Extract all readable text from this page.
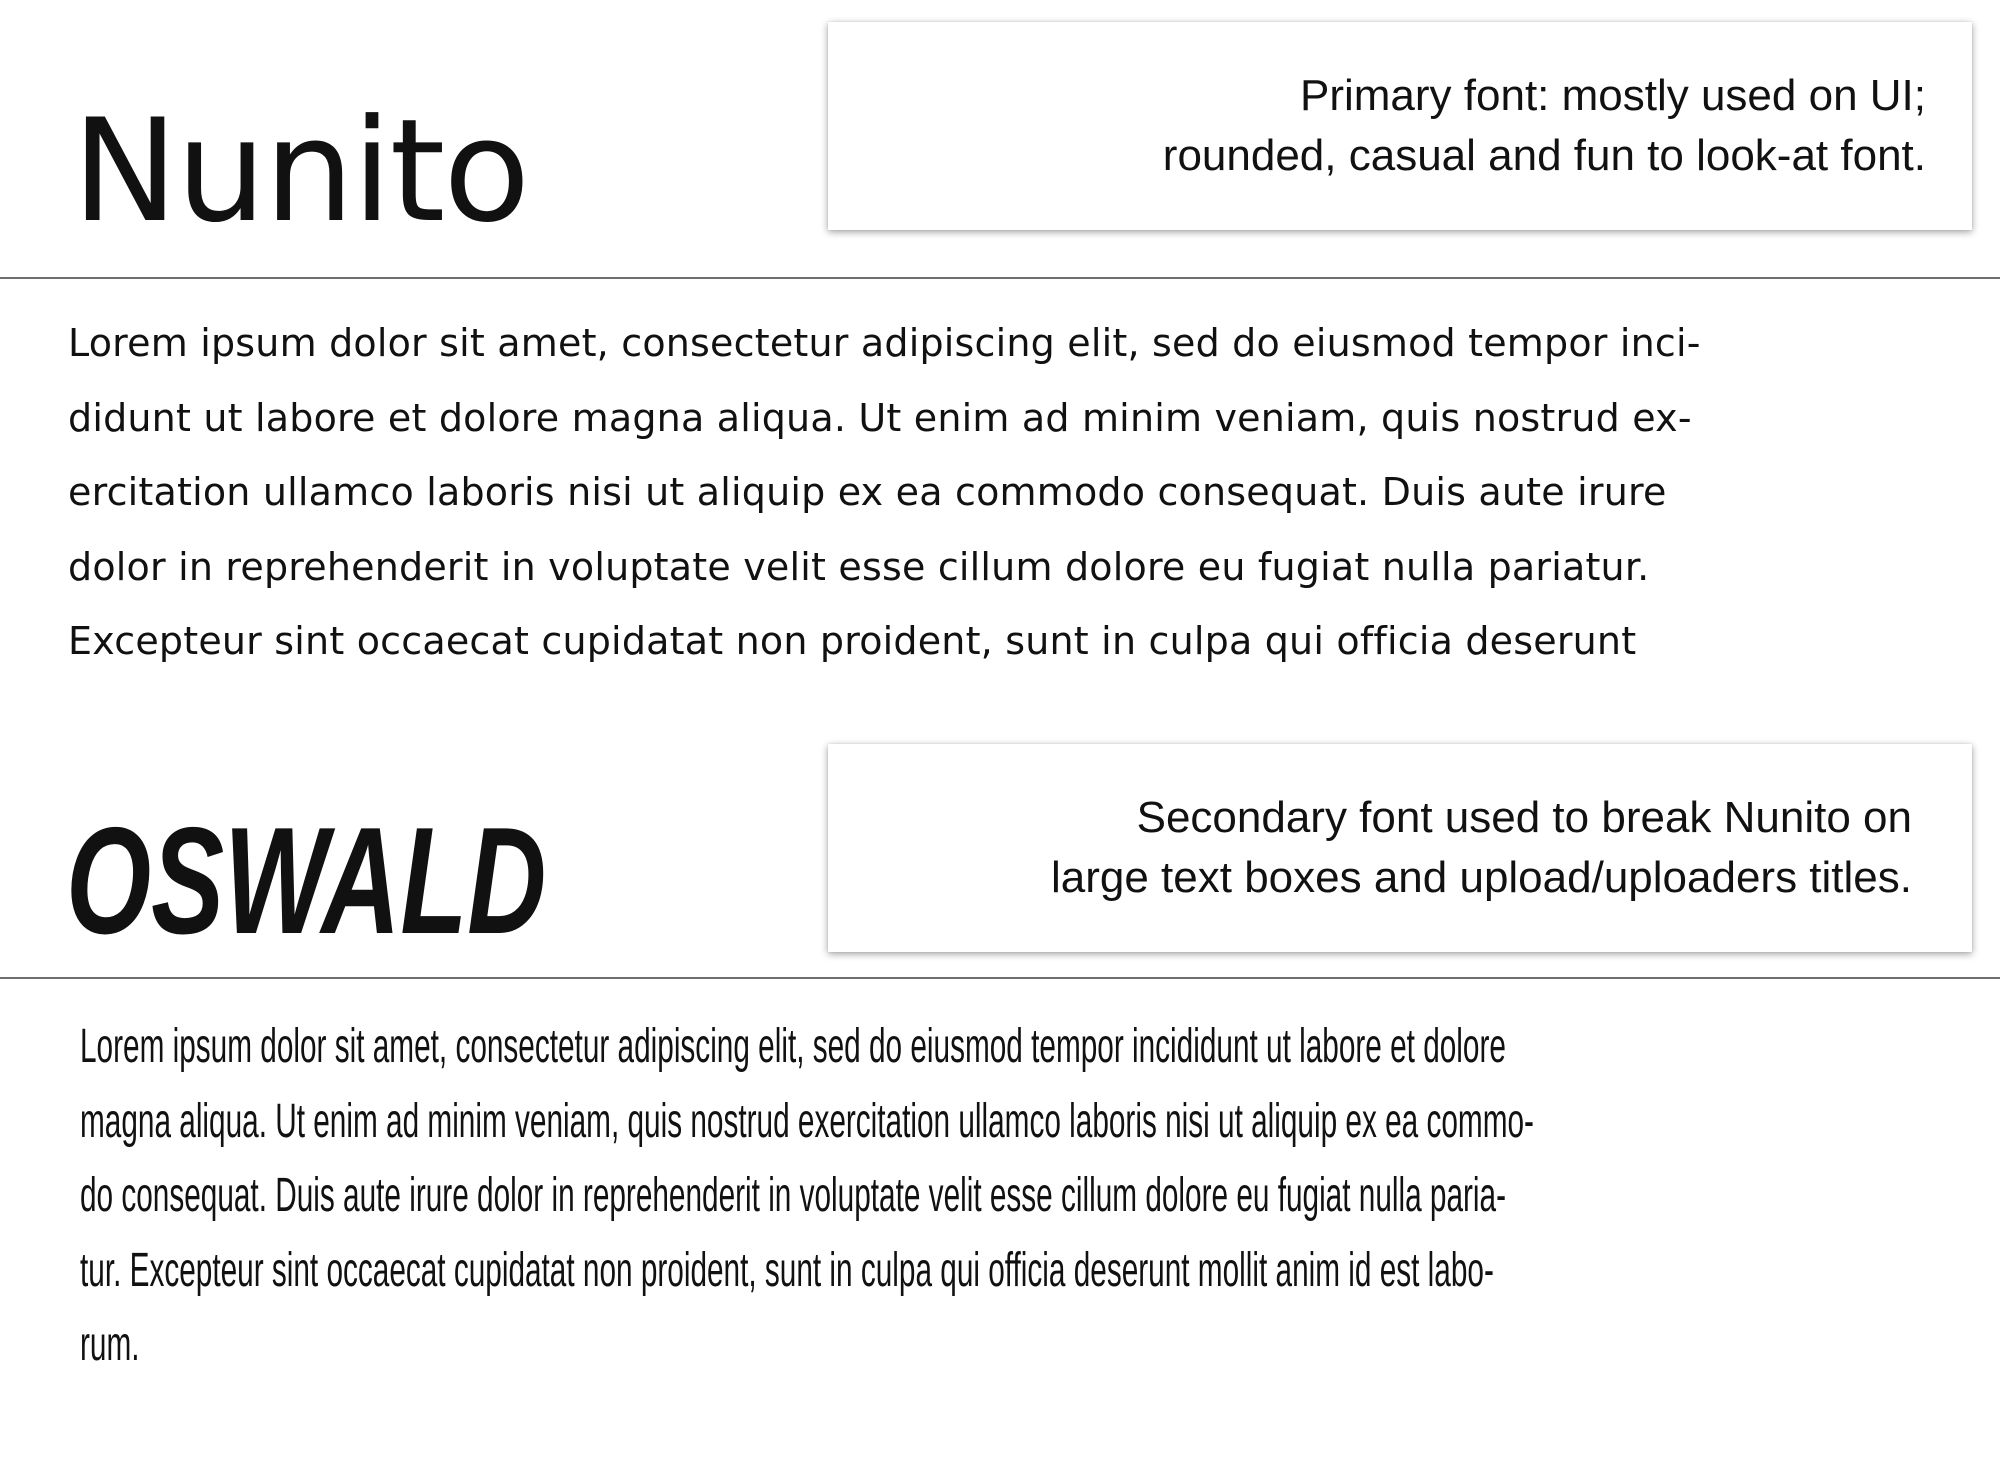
Nunito	Primary font: mostly used on UI;
rounded, casual and fun to look-at font.

Lorem ipsum dolor sit amet, consectetur adipiscing elit, sed do eiusmod tempor inci-
didunt ut labore et dolore magna aliqua. Ut enim ad minim veniam, quis nostrud ex-
ercitation ullamco laboris nisi ut aliquip ex ea commodo consequat. Duis aute irure
dolor in reprehenderit in voluptate velit esse cillum dolore eu fugiat nulla pariatur.
Excepteur sint occaecat cupidatat non proident, sunt in culpa qui officia deserunt

OSWALD	Secondary font used to break Nunito on
large text boxes and upload/uploaders titles.

Lorem ipsum dolor sit amet, consectetur adipiscing elit, sed do eiusmod tempor incididunt ut labore et dolore
magna aliqua. Ut enim ad minim veniam, quis nostrud exercitation ullamco laboris nisi ut aliquip ex ea commo-
do consequat. Duis aute irure dolor in reprehenderit in voluptate velit esse cillum dolore eu fugiat nulla paria-
tur. Excepteur sint occaecat cupidatat non proident, sunt in culpa qui officia deserunt mollit anim id est labo-
rum.
